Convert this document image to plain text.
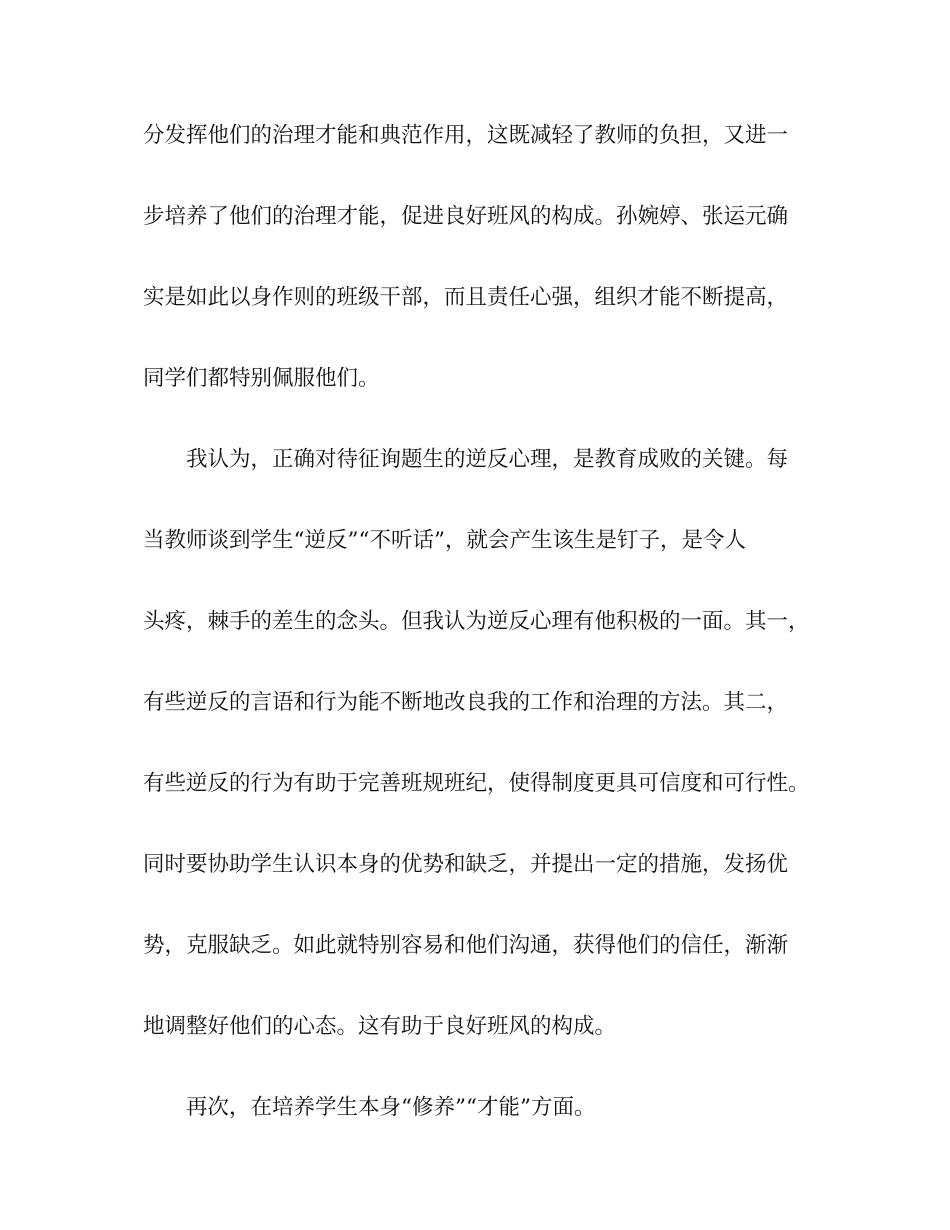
分发挥他们的治理才能和典范作用，这既减轻了教师的负担，又进一
步培养了他们的治理才能，促进良好班风的构成。孙婉婷、张运元确
实是如此以身作则的班级干部，而且责任心强，组织才能不断提高，
同学们都特别佩服他们。
我认为，正确对待征询题生的逆反心理，是教育成败的关键。每
当教师谈到学生“逆反”“不听话”，就会产生该生是钉子，是令人
头疼，棘手的差生的念头。但我认为逆反心理有他积极的一面。其一，
有些逆反的言语和行为能不断地改良我的工作和治理的方法。其二，
有些逆反的行为有助于完善班规班纪，使得制度更具可信度和可行性。
同时要协助学生认识本身的优势和缺乏，并提出一定的措施，发扬优
势，克服缺乏。如此就特别容易和他们沟通，获得他们的信任，渐渐
地调整好他们的心态。这有助于良好班风的构成。
再次，在培养学生本身“修养”“才能”方面。
